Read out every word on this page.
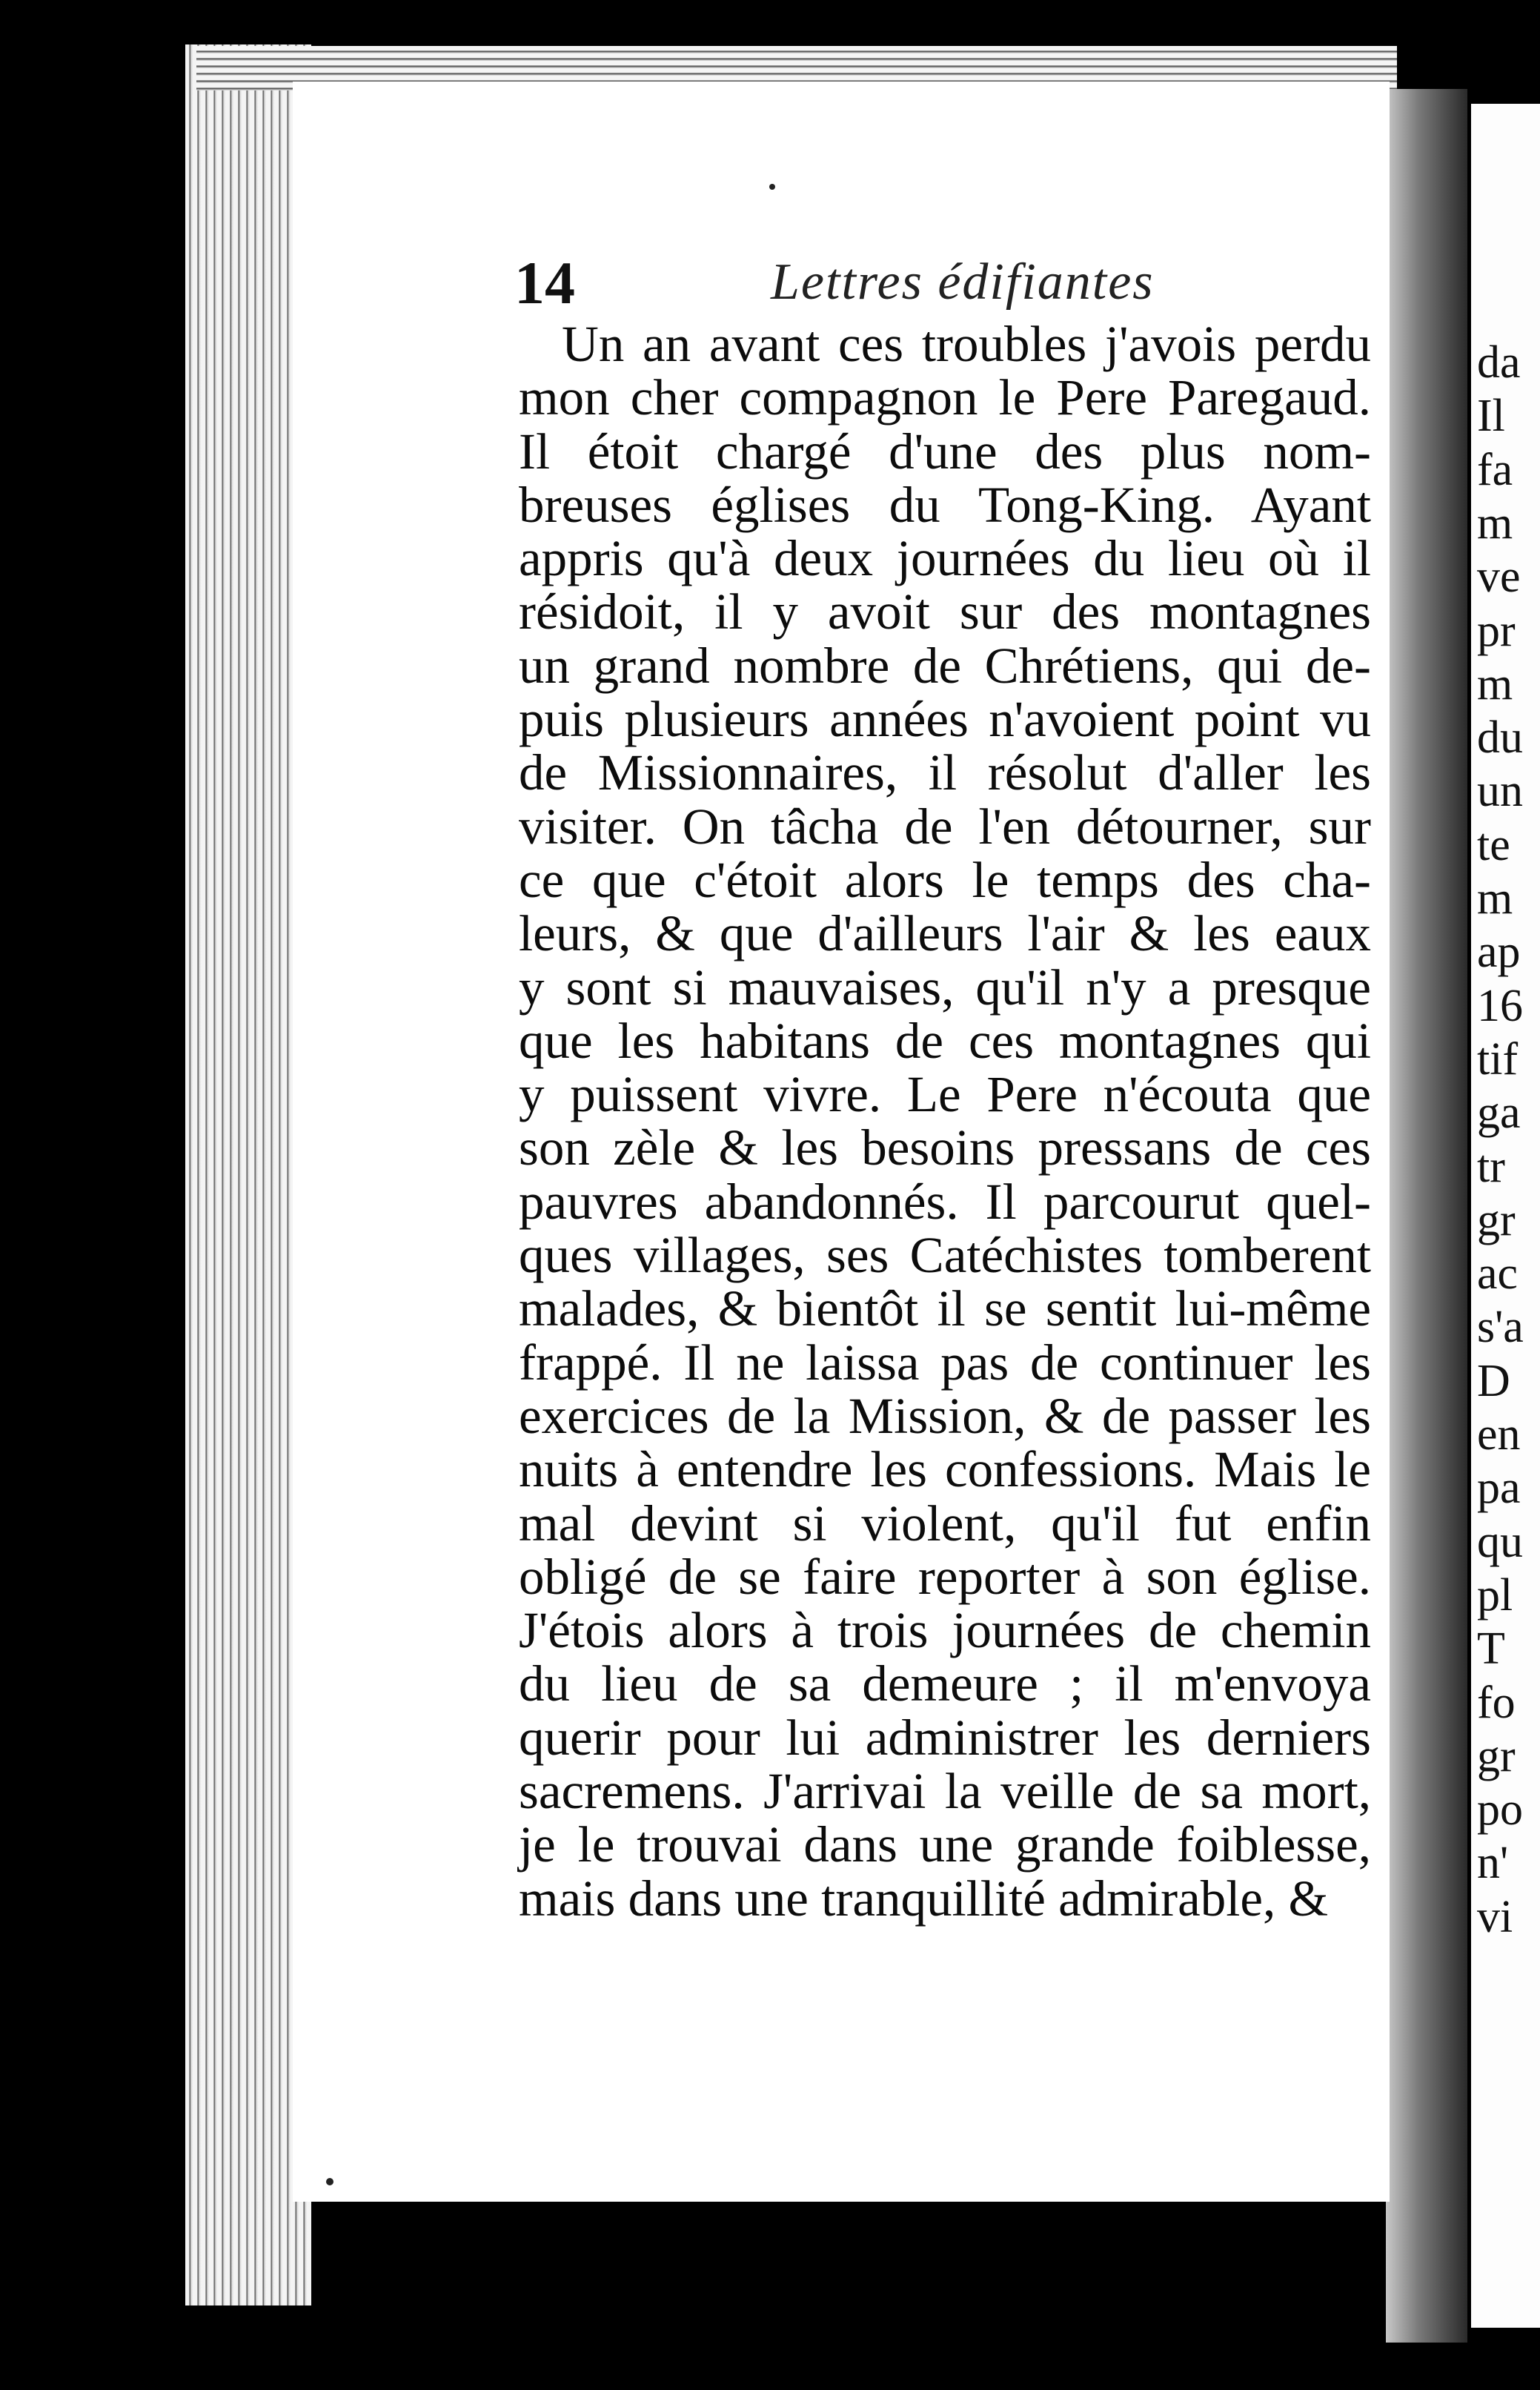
da
Il
fa
m
ve
pr
m
du
un
te
m
ap
16
tif
ga
tr
gr
ac
s'a
D
en
pa
qu
pl
T
fo
gr
po
n'
vi
14	Lettres édifiantes
Un an avant ces troubles j'avois perdu
mon cher compagnon le Pere Paregaud.
Il étoit chargé d'une des plus nom-
breuses églises du Tong-King. Ayant
appris qu'à deux journées du lieu où il
résidoit, il y avoit sur des montagnes
un grand nombre de Chrétiens, qui de-
puis plusieurs années n'avoient point vu
de Missionnaires, il résolut d'aller les
visiter. On tâcha de l'en détourner, sur
ce que c'étoit alors le temps des cha-
leurs, & que d'ailleurs l'air & les eaux
y sont si mauvaises, qu'il n'y a presque
que les habitans de ces montagnes qui
y puissent vivre. Le Pere n'écouta que
son zèle & les besoins pressans de ces
pauvres abandonnés. Il parcourut quel-
ques villages, ses Catéchistes tomberent
malades, & bientôt il se sentit lui-même
frappé. Il ne laissa pas de continuer les
exercices de la Mission, & de passer les
nuits à entendre les confessions. Mais le
mal devint si violent, qu'il fut enfin
obligé de se faire reporter à son église.
J'étois alors à trois journées de chemin
du lieu de sa demeure ; il m'envoya
querir pour lui administrer les derniers
sacremens. J'arrivai la veille de sa mort,
je le trouvai dans une grande foiblesse,
mais dans une tranquillité admirable, &
